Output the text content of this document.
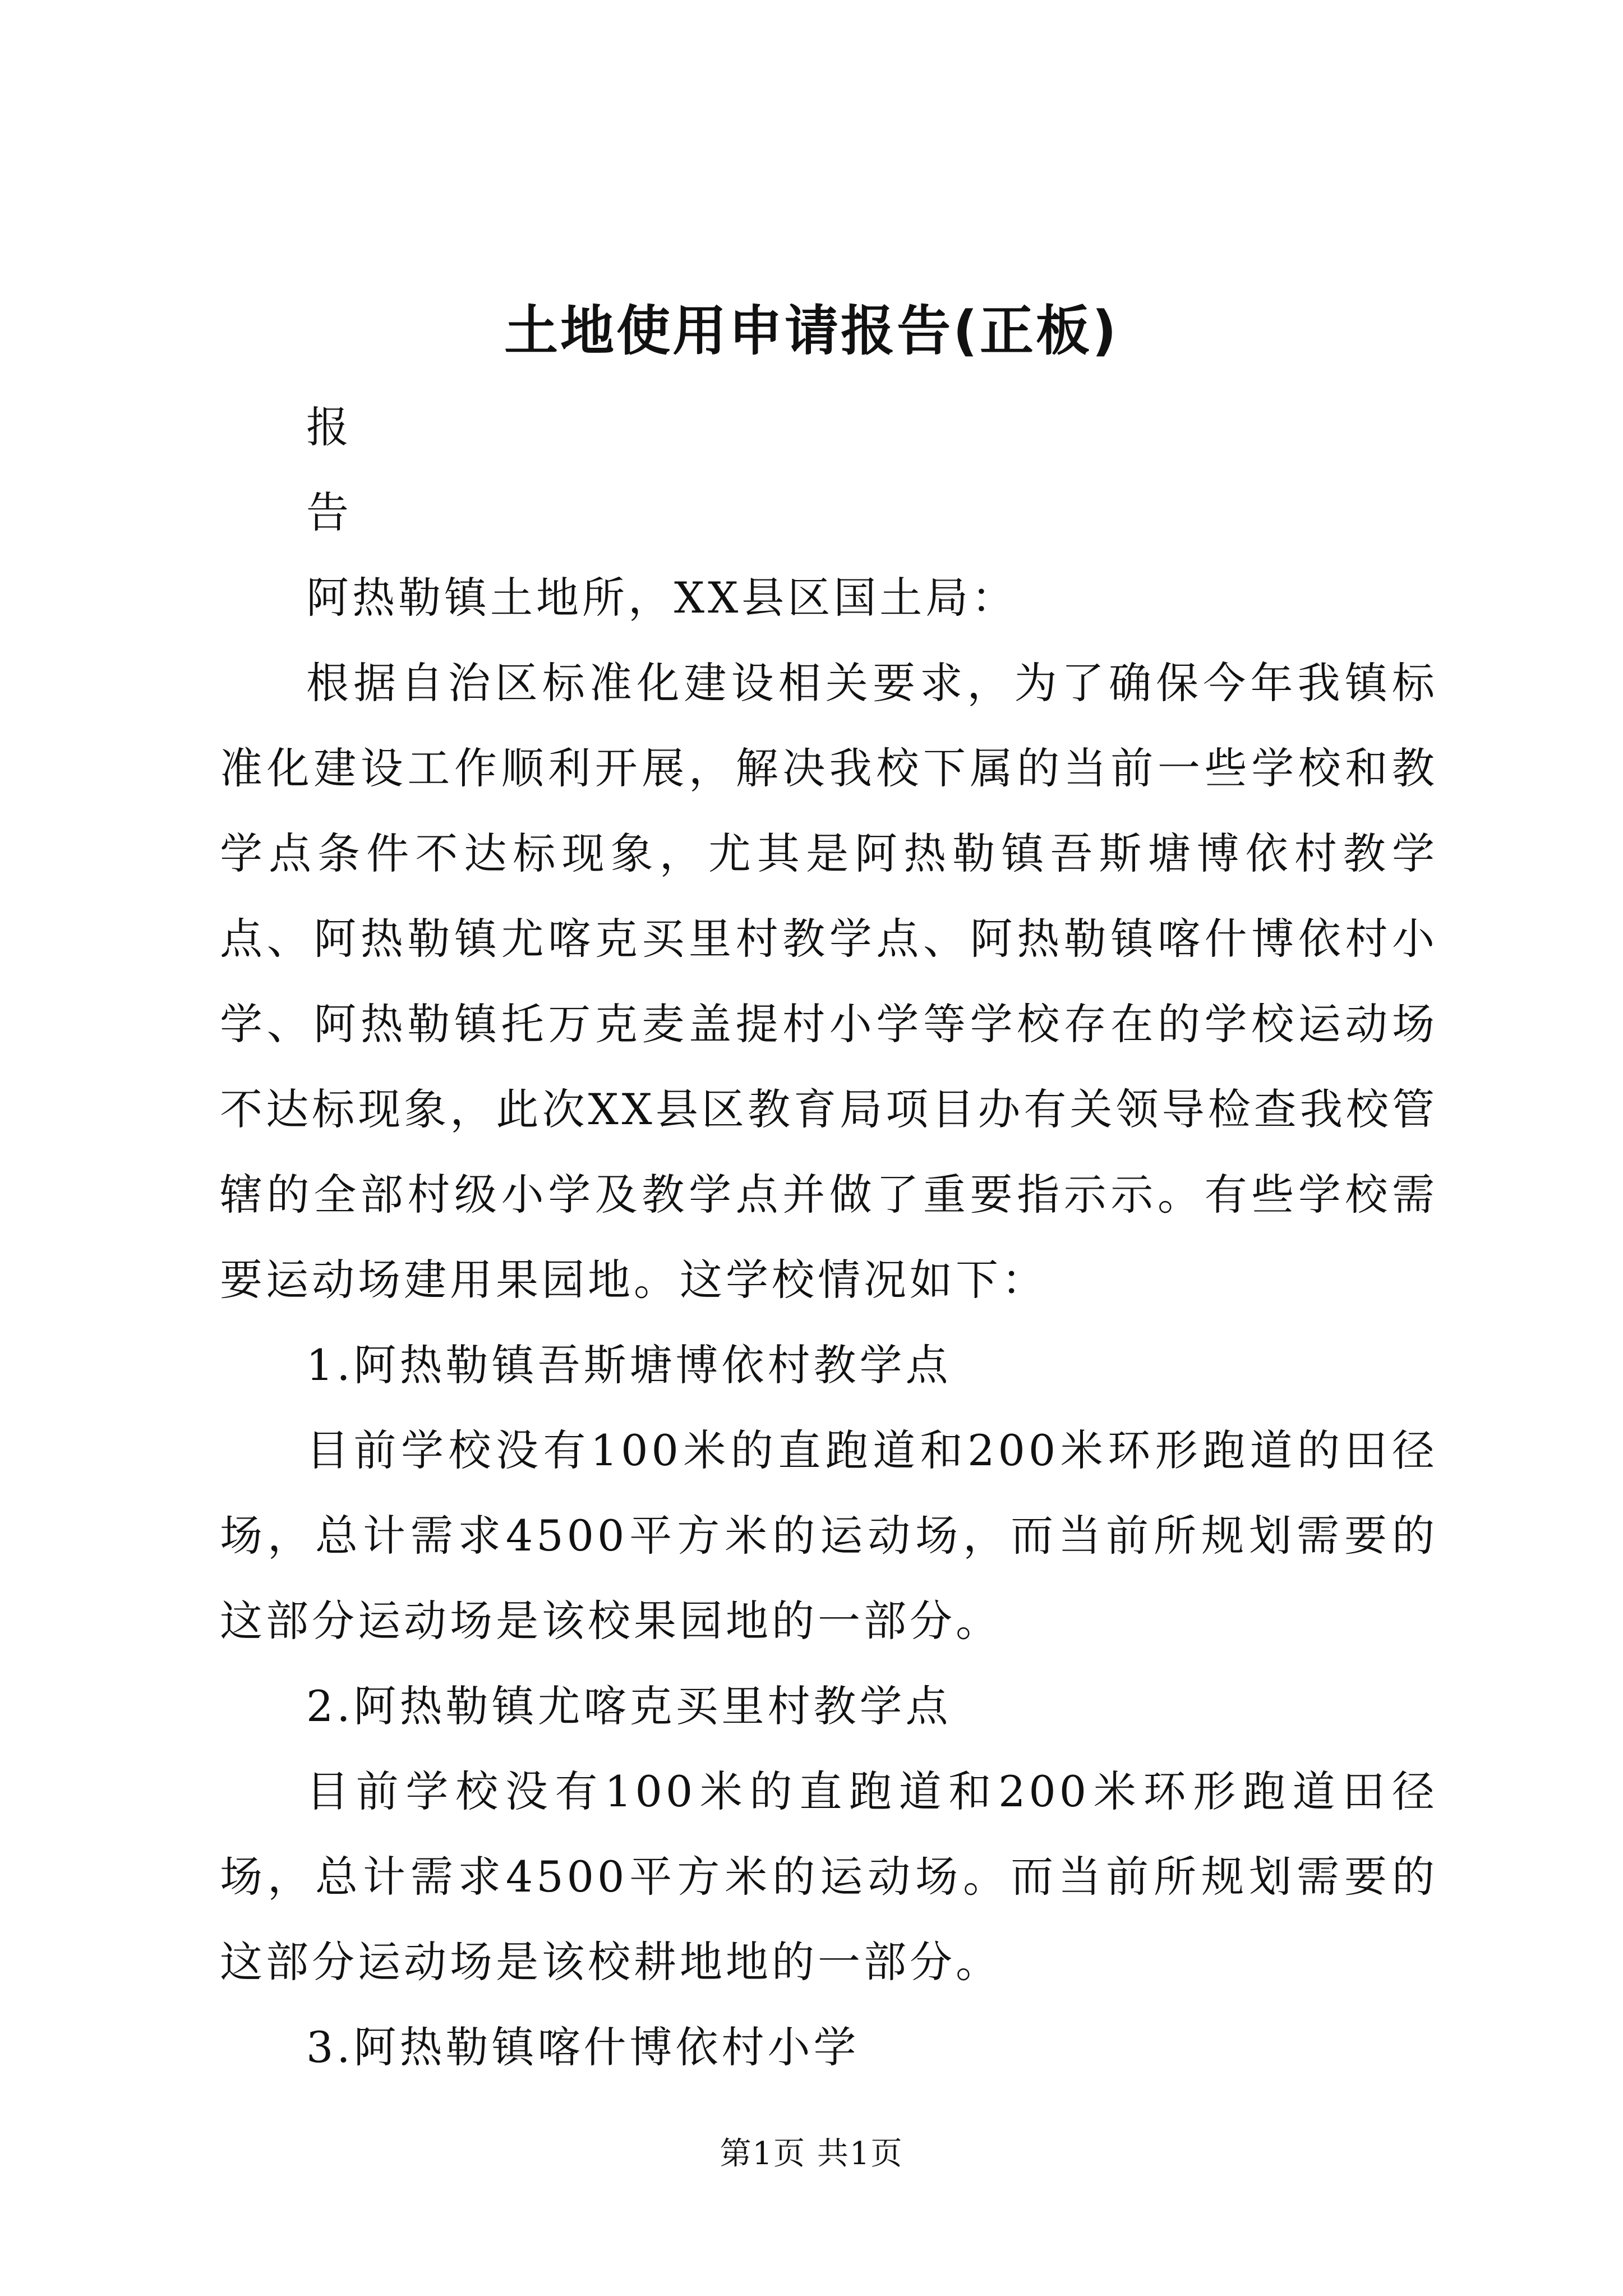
土地使用申请报告(正板)

报

告

阿热勒镇土地所，XX县区国土局：

根据自治区标准化建设相关要求，为了确保今年我镇标准化建设工作顺利开展，解决我校下属的当前一些学校和教学点条件不达标现象，尤其是阿热勒镇吾斯塘博依村教学点、阿热勒镇尤喀克买里村教学点、阿热勒镇喀什博依村小学、阿热勒镇托万克麦盖提村小学等学校存在的学校运动场不达标现象，此次XX县区教育局项目办有关领导检查我校管辖的全部村级小学及教学点并做了重要指示示。有些学校需要运动场建用果园地。这学校情况如下：

1.阿热勒镇吾斯塘博依村教学点

目前学校没有100米的直跑道和200米环形跑道的田径场，总计需求4500平方米的运动场，而当前所规划需要的这部分运动场是该校果园地的一部分。

2.阿热勒镇尤喀克买里村教学点

目前学校没有100米的直跑道和200米环形跑道田径场，总计需求4500平方米的运动场。而当前所规划需要的这部分运动场是该校耕地地的一部分。

3.阿热勒镇喀什博依村小学

第1页 共1页
